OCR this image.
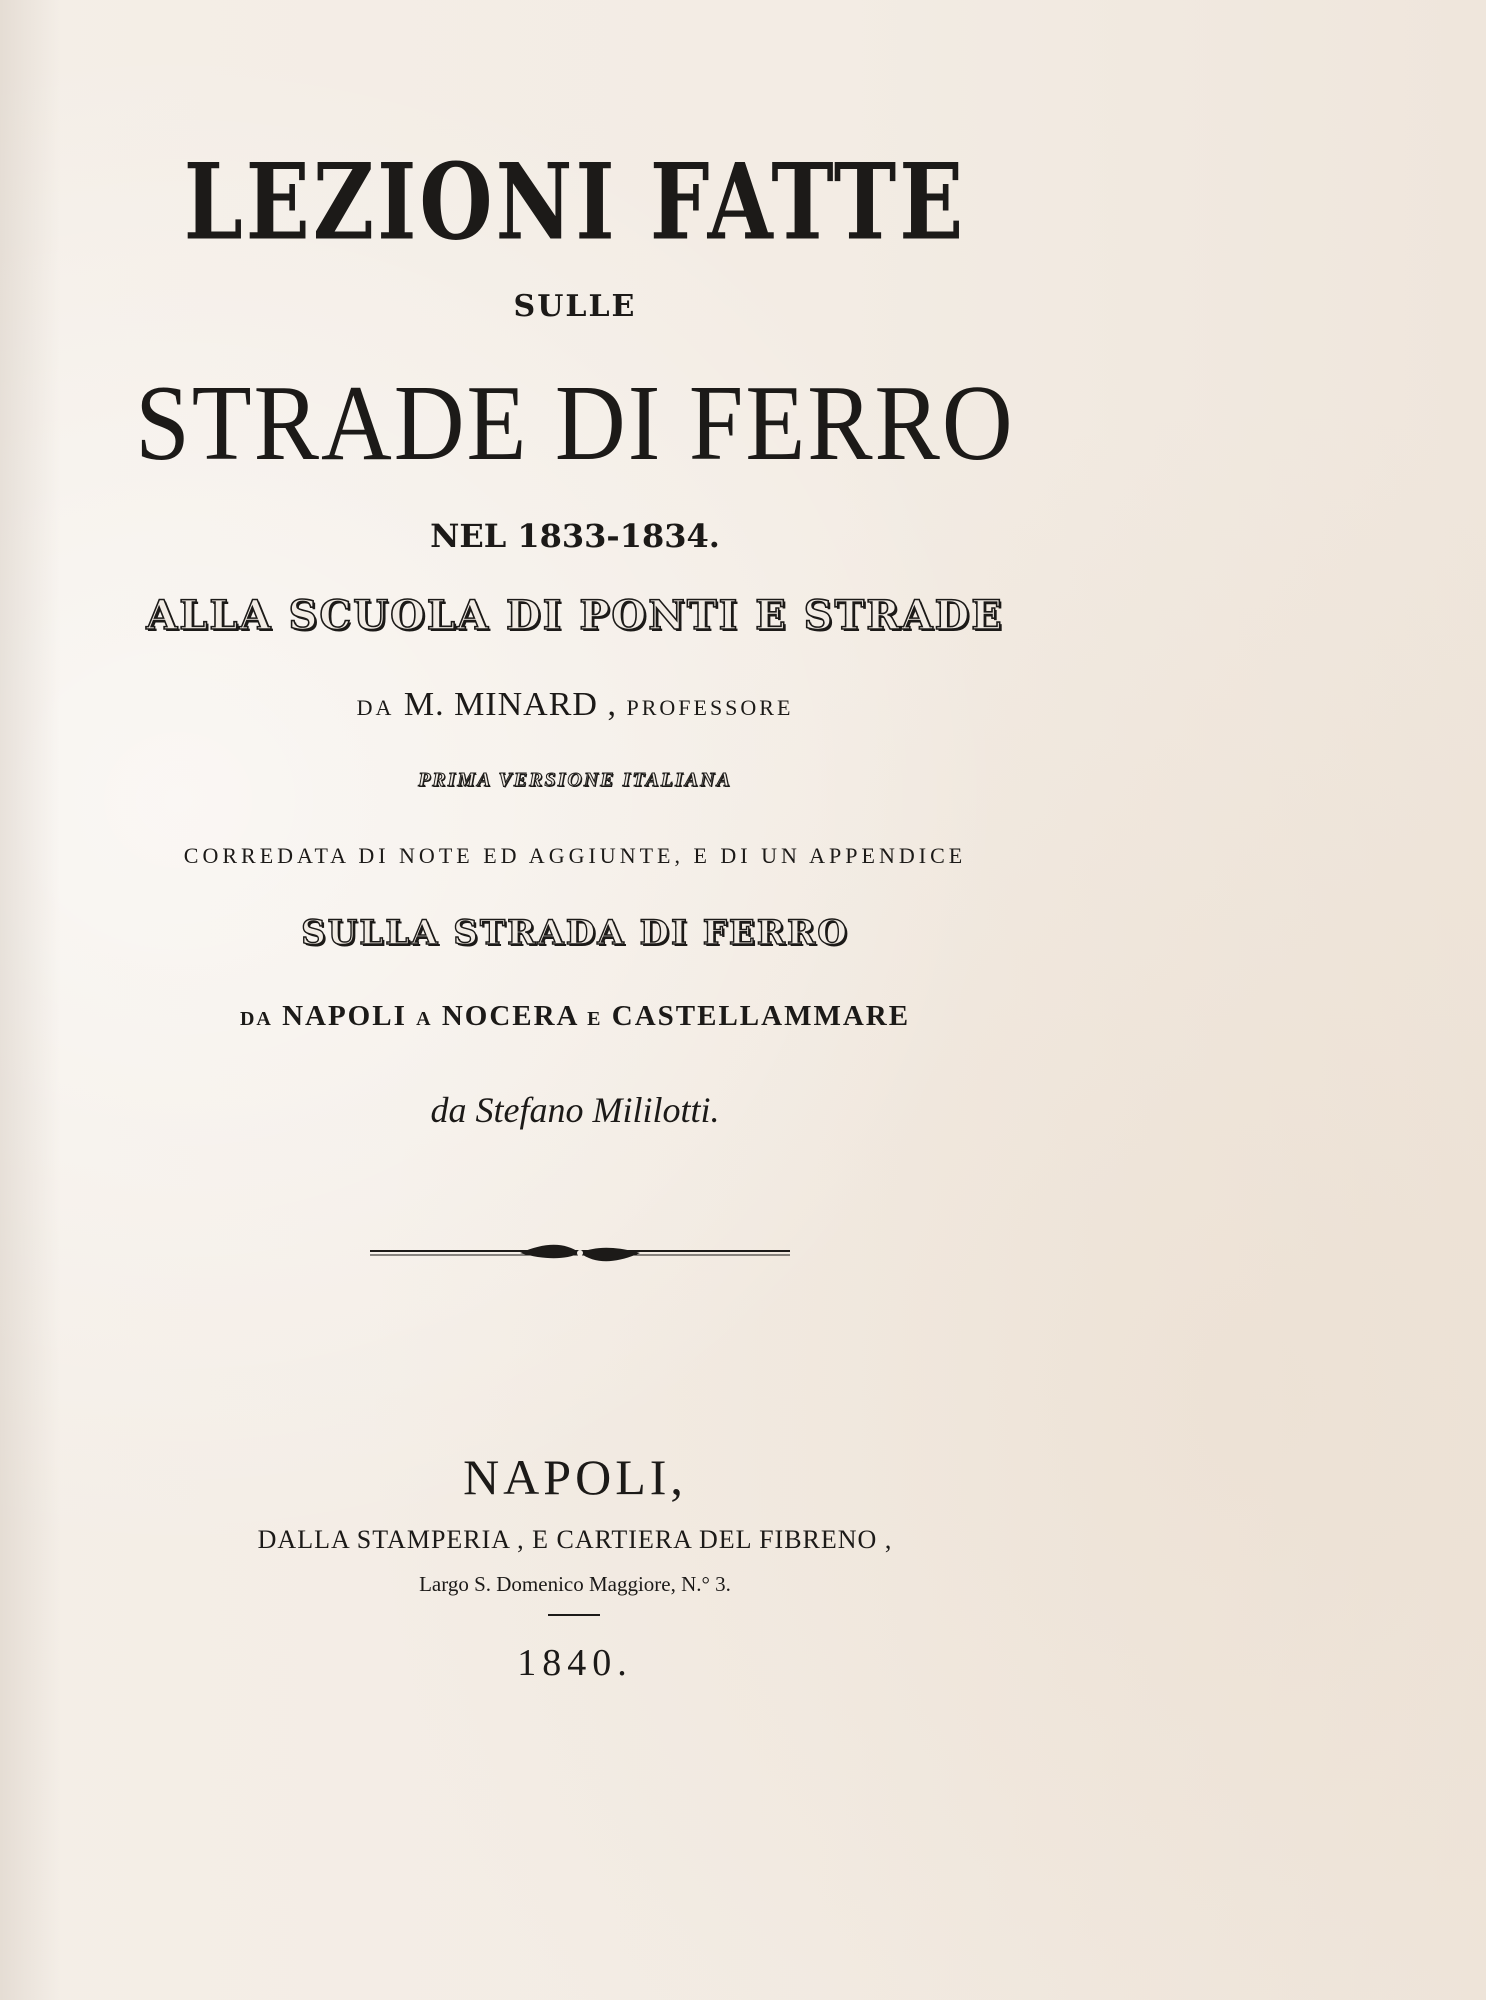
LEZIONI FATTE
SULLE
STRADE DI FERRO
NEL 1833-1834.
ALLA SCUOLA DI PONTI E STRADE
DA M. MINARD , PROFESSORE
PRIMA VERSIONE ITALIANA
CORREDATA DI NOTE ED AGGIUNTE, E DI UN APPENDICE
SULLA STRADA DI FERRO
DA NAPOLI A NOCERA E CASTELLAMMARE
da Stefano Mililotti.
NAPOLI,
DALLA STAMPERIA , E CARTIERA DEL FIBRENO ,
Largo S. Domenico Maggiore, N.° 3.
1840.
